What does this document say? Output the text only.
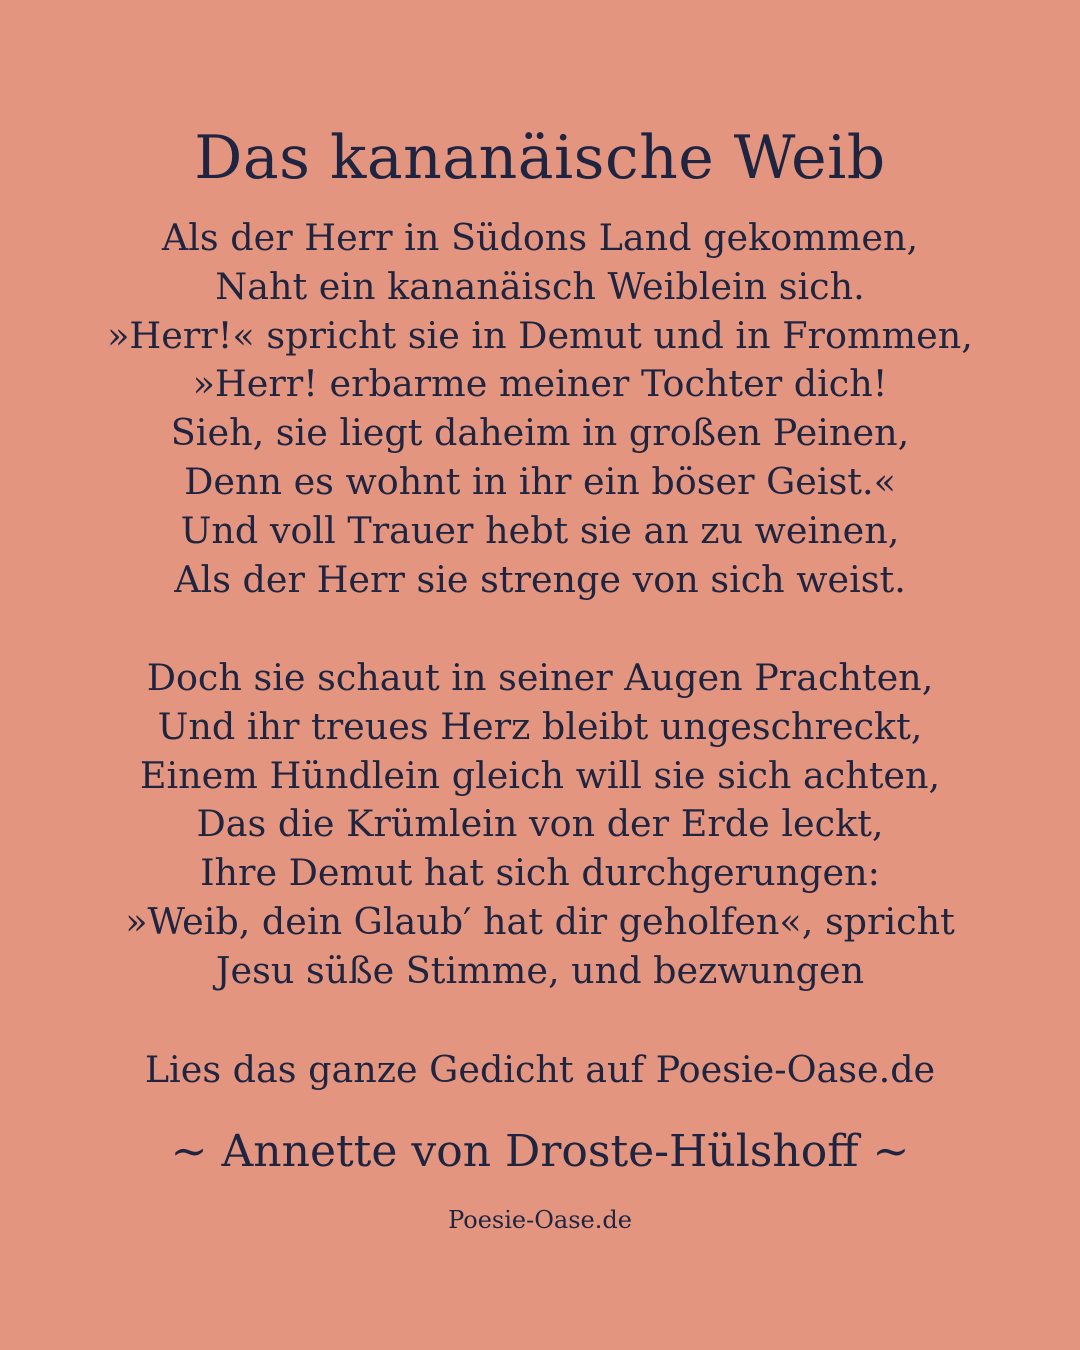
Das kananäische Weib
Als der Herr in Südons Land gekommen,
Naht ein kananäisch Weiblein sich.
»Herr!« spricht sie in Demut und in Frommen,
»Herr! erbarme meiner Tochter dich!
Sieh, sie liegt daheim in großen Peinen,
Denn es wohnt in ihr ein böser Geist.«
Und voll Trauer hebt sie an zu weinen,
Als der Herr sie strenge von sich weist.
Doch sie schaut in seiner Augen Prachten,
Und ihr treues Herz bleibt ungeschreckt,
Einem Hündlein gleich will sie sich achten,
Das die Krümlein von der Erde leckt,
Ihre Demut hat sich durchgerungen:
»Weib, dein Glaub′ hat dir geholfen«, spricht
Jesu süße Stimme, und bezwungen

Lies das ganze Gedicht auf Poesie-Oase.de

~ Annette von Droste-Hülshoff ~

Poesie-Oase.de
